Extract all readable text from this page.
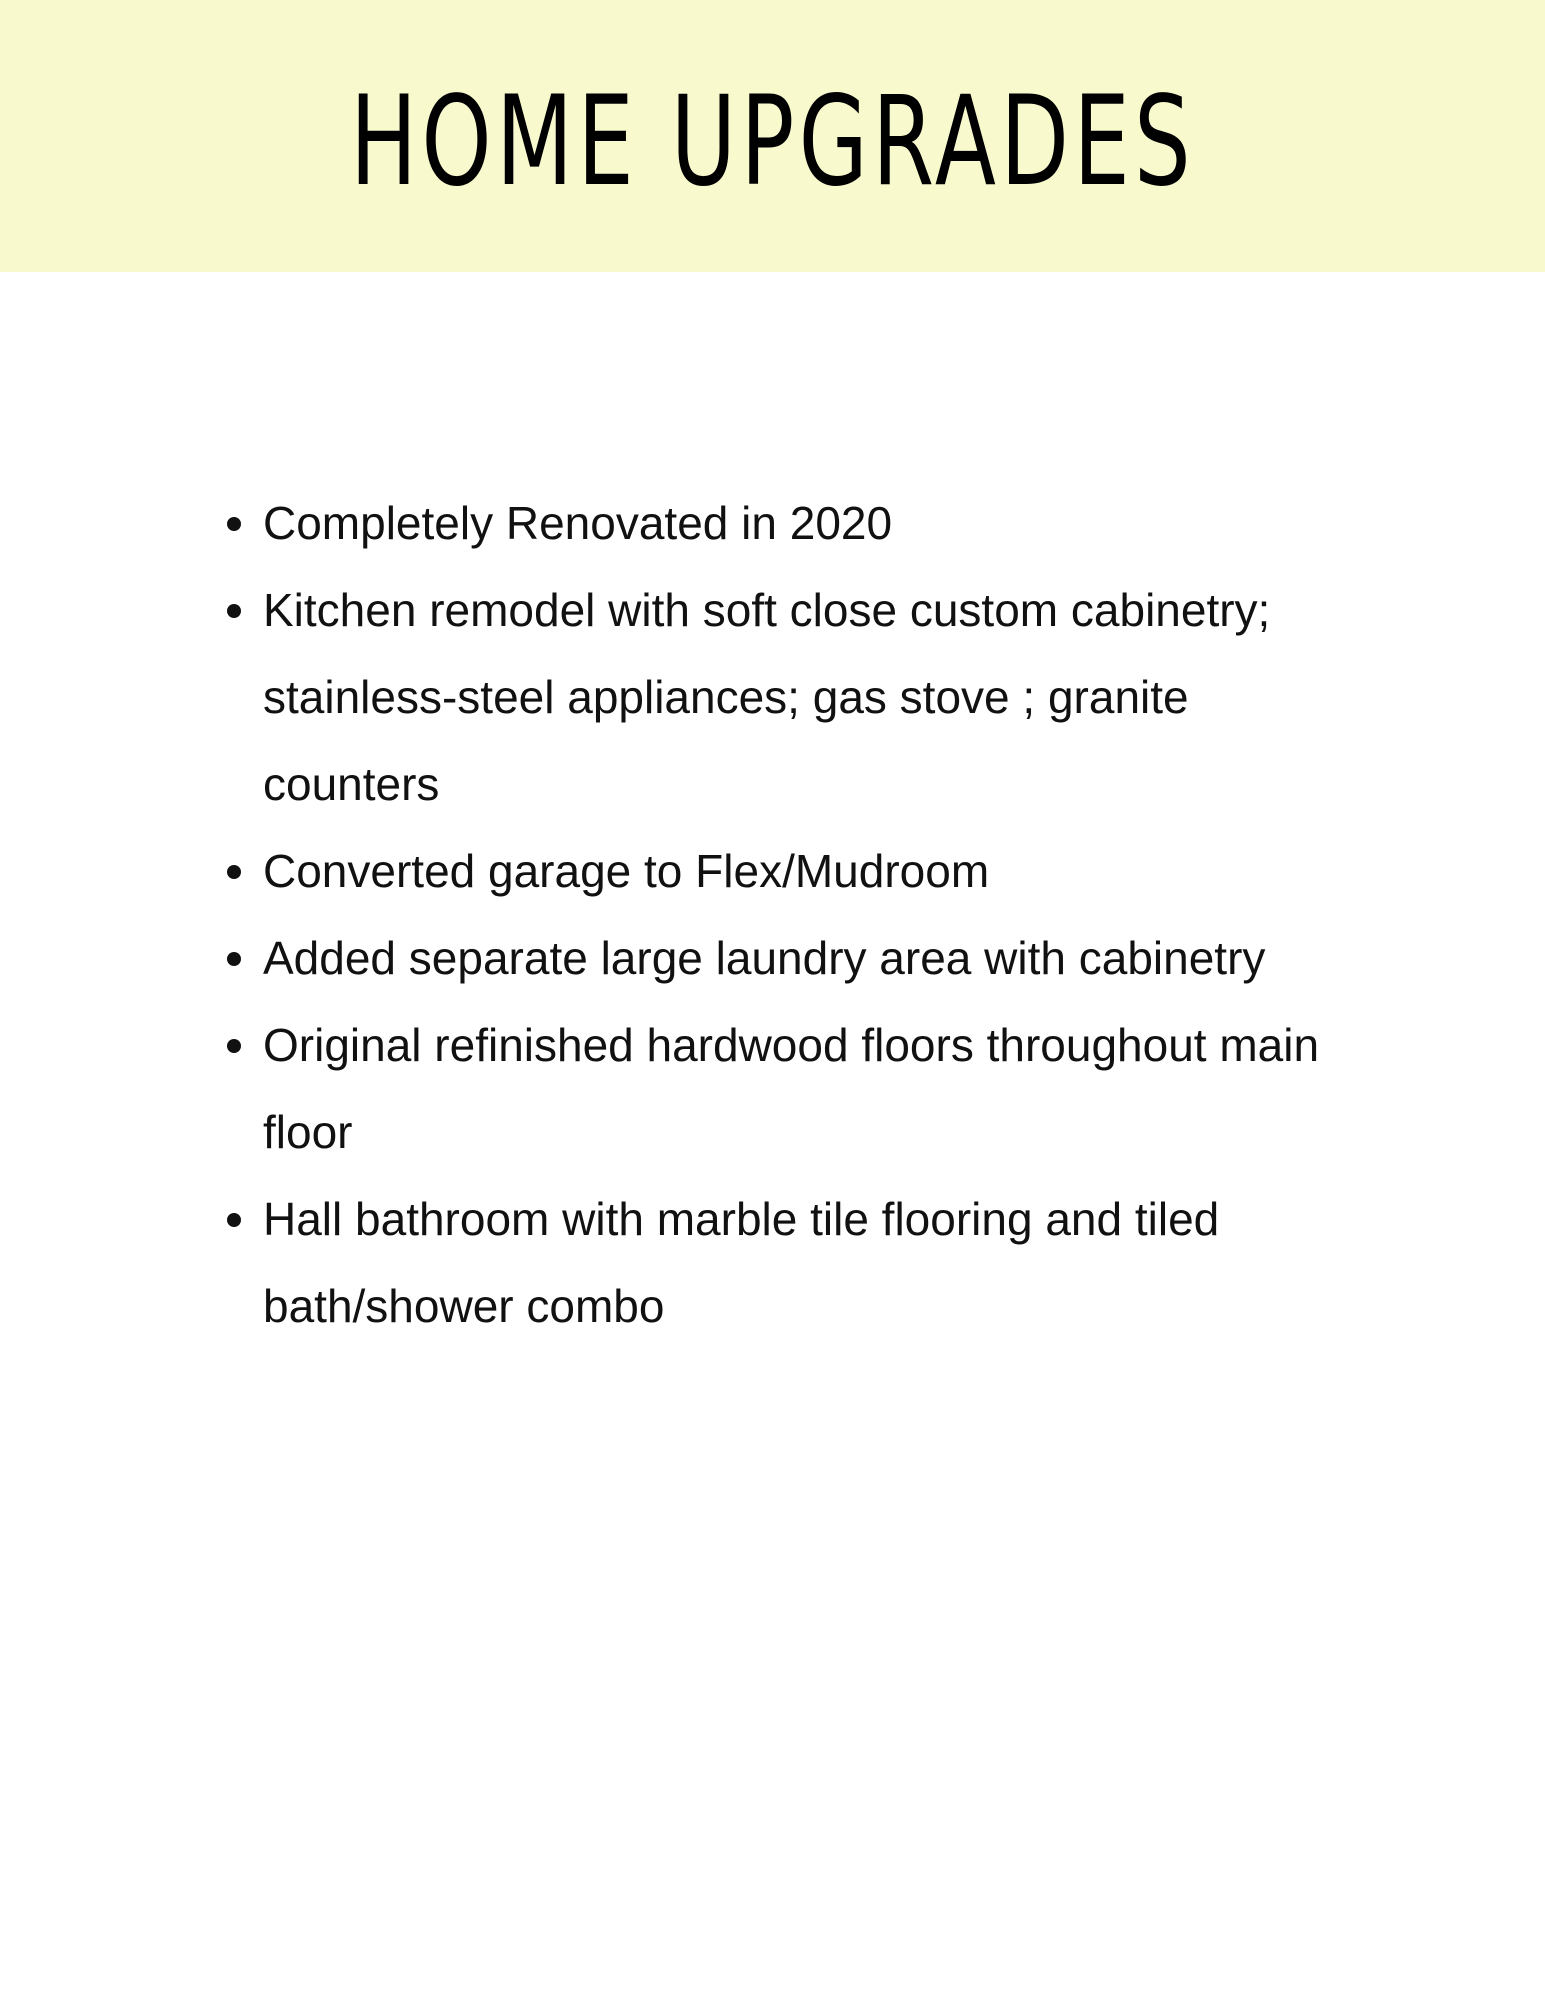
HOME UPGRADES
Completely Renovated in 2020
Kitchen remodel with soft close custom cabinetry; stainless-steel appliances; gas stove ; granite counters
Converted garage to Flex/Mudroom
Added separate large laundry area with cabinetry
Original refinished hardwood floors throughout main floor
Hall bathroom with marble tile flooring and tiled bath/shower combo
